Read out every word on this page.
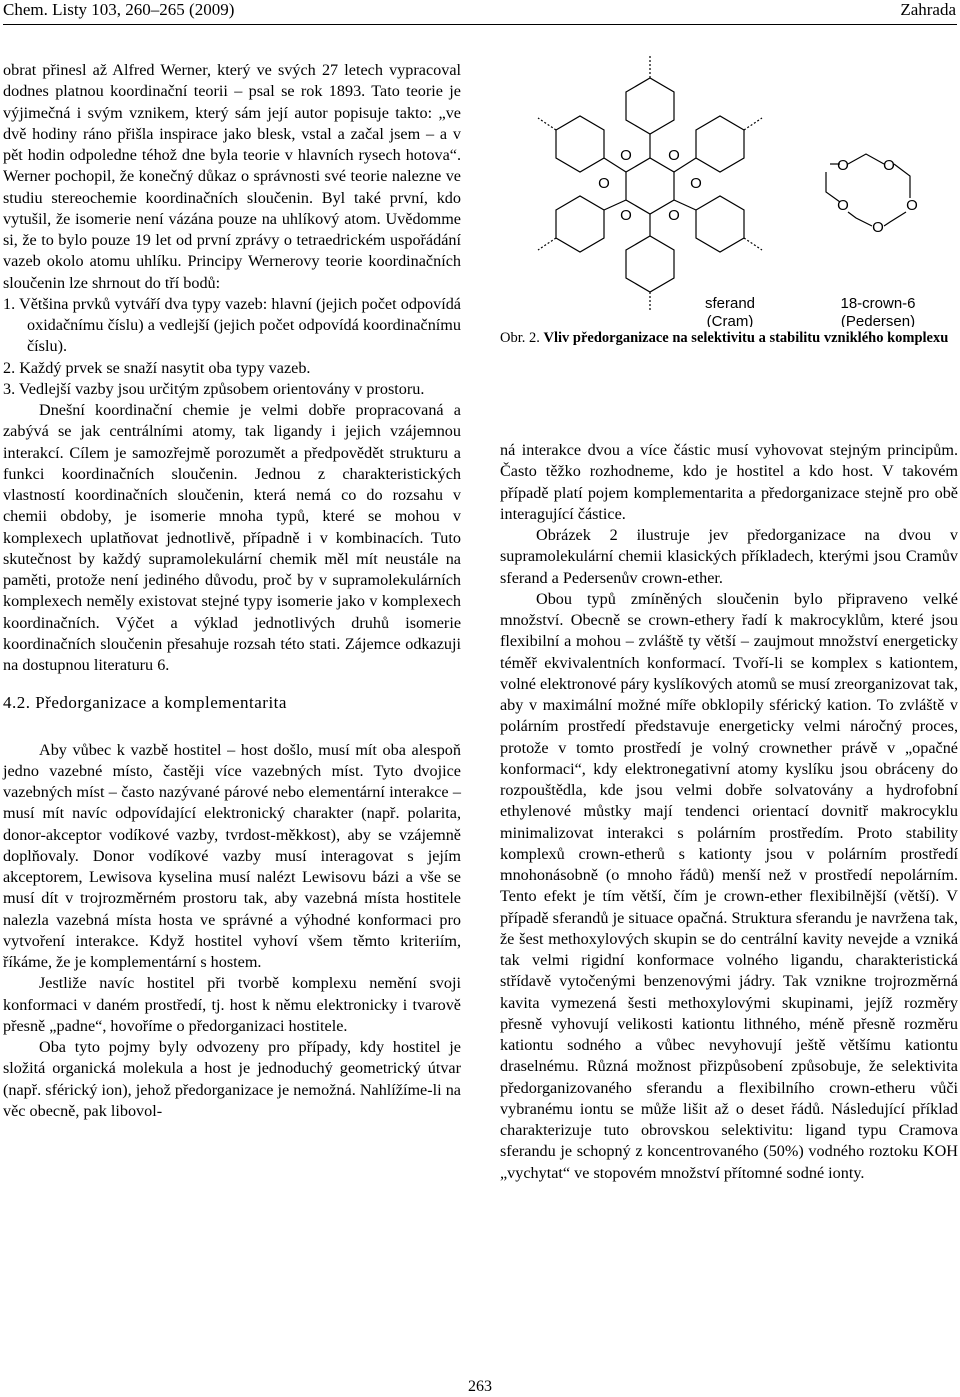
Chem. Listy 103, 260–265 (2009)	Zahrada

obrat přinesl až Alfred Werner, který ve svých 27 letech vypracoval dodnes platnou koordinační teorii – psal se rok 1893. Tato teorie je výjimečná i svým vznikem, který sám její autor popisuje takto: „ve dvě hodiny ráno přišla inspirace jako blesk, vstal a začal jsem – a v pět hodin odpoledne téhož dne byla teorie v hlavních rysech hotova“. Werner pochopil, že konečný důkaz o správnosti své teorie nalezne ve studiu stereochemie koordinačních sloučenin. Byl také první, kdo vytušil, že isomerie není vázána pouze na uhlíkový atom. Uvědomme si, že to bylo pouze 19 let od první zprávy o tetraedrickém uspořádání vazeb okolo atomu uhlíku. Principy Wernerovy teorie koordinačních sloučenin lze shrnout do tří bodů:

1. Většina prvků vytváří dva typy vazeb: hlavní (jejich počet odpovídá oxidačnímu číslu) a vedlejší (jejich počet odpovídá koordinačnímu číslu).

2. Každý prvek se snaží nasytit oba typy vazeb.

3. Vedlejší vazby jsou určitým způsobem orientovány v prostoru.

Dnešní koordinační chemie je velmi dobře propracovaná a zabývá se jak centrálními atomy, tak ligandy i jejich vzájemnou interakcí. Cílem je samozřejmě porozumět a předpovědět strukturu a funkci koordinačních sloučenin. Jednou z charakteristických vlastností koordinačních sloučenin, která nemá co do rozsahu v chemii obdoby, je isomerie mnoha typů, které se mohou v komplexech uplatňovat jednotlivě, případně i v kombinacích. Tuto skutečnost by každý supramolekulární chemik měl mít neustále na paměti, protože není jediného důvodu, proč by v supramolekulárních komplexech neměly existovat stejné typy isomerie jako v komplexech koordinačních. Výčet a výklad jednotlivých druhů isomerie koordinačních sloučenin přesahuje rozsah této stati. Zájemce odkazuji na dostupnou literaturu 6.

4.2. Předorganizace a komplementarita

Aby vůbec k vazbě hostitel – host došlo, musí mít oba alespoň jedno vazebné místo, častěji více vazebných míst. Tyto dvojice vazebných míst – často nazývané párové nebo elementární interakce – musí mít navíc odpovídající elektronický charakter (např. polarita, donor-akceptor vodíkové vazby, tvrdost-měkkost), aby se vzájemně doplňovaly. Donor vodíkové vazby musí interagovat s jejím akceptorem, Lewisova kyselina musí nalézt Lewisovu bázi a vše se musí dít v trojrozměrném prostoru tak, aby vazebná místa hostitele nalezla vazebná místa hosta ve správné a výhodné konformaci pro vytvoření interakce. Když hostitel vyhoví všem těmto kriteriím, říkáme, že je komplementární s hostem.

Jestliže navíc hostitel při tvorbě komplexu nemění svoji konformaci v daném prostředí, tj. host k němu elektronicky i tvarově přesně „padne“, hovoříme o předorganizaci hostitele.

Oba tyto pojmy byly odvozeny pro případy, kdy hostitel je složitá organická molekula a host je jednoduchý geometrický útvar (např. sférický ion), jehož předorganizace je nemožná. Nahlížíme-li na věc obecně, pak libovol-

O O
O
O
O
O
O O
O
O
O
sferand
(Cram)
18-crown-6
(Pedersen)
Obr. 2. Vliv předorganizace na selektivitu a stabilitu vzniklého komplexu

ná interakce dvou a více částic musí vyhovovat stejným principům. Často těžko rozhodneme, kdo je hostitel a kdo host. V takovém případě platí pojem komplementarita a předorganizace stejně pro obě interagující částice.

Obrázek 2 ilustruje jev předorganizace na dvou v supramolekulární chemii klasických příkladech, kterými jsou Cramův sferand a Pedersenův crown-ether.

Obou typů zmíněných sloučenin bylo připraveno velké množství. Obecně se crown-ethery řadí k makrocyklům, které jsou flexibilní a mohou – zvláště ty větší – zaujmout množství energeticky téměř ekvivalentních konformací. Tvoří-li se komplex s kationtem, volné elektronové páry kyslíkových atomů se musí zreorganizovat tak, aby v maximální možné míře obklopily sférický kation. To zvláště v polárním prostředí představuje energeticky velmi náročný proces, protože v tomto prostředí je volný crownether právě v „opačné konformaci“, kdy elektronegativní atomy kyslíku jsou obráceny do rozpouštědla, kde jsou velmi dobře solvatovány a hydrofobní ethylenové můstky mají tendenci orientací dovnitř makrocyklu minimalizovat interakci s polárním prostředím. Proto stability komplexů crown-etherů s kationty jsou v polárním prostředí mnohonásobně (o mnoho řádů) menší než v prostředí nepolárním. Tento efekt je tím větší, čím je crown-ether flexibilnější (větší). V případě sferandů je situace opačná. Struktura sferandu je navržena tak, že šest methoxylových skupin se do centrální kavity nevejde a vzniká tak velmi rigidní konformace volného ligandu, charakteristická střídavě vytočenými benzenovými jádry. Tak vznikne trojrozměrná kavita vymezená šesti methoxylovými skupinami, jejíž rozměry přesně vyhovují velikosti kationtu lithného, méně přesně rozměru kationtu sodného a vůbec nevyhovují ještě většímu kationtu draselnému. Různá možnost přizpůsobení způsobuje, že selektivita předorganizovaného sferandu a flexibilního crown-etheru vůči vybranému iontu se může lišit až o deset řádů. Následující příklad charakterizuje tuto obrovskou selektivitu: ligand typu Cramova sferandu je schopný z koncentrovaného (50%) vodného roztoku KOH „vychytat“ ve stopovém množství přítomné sodné ionty.

263
